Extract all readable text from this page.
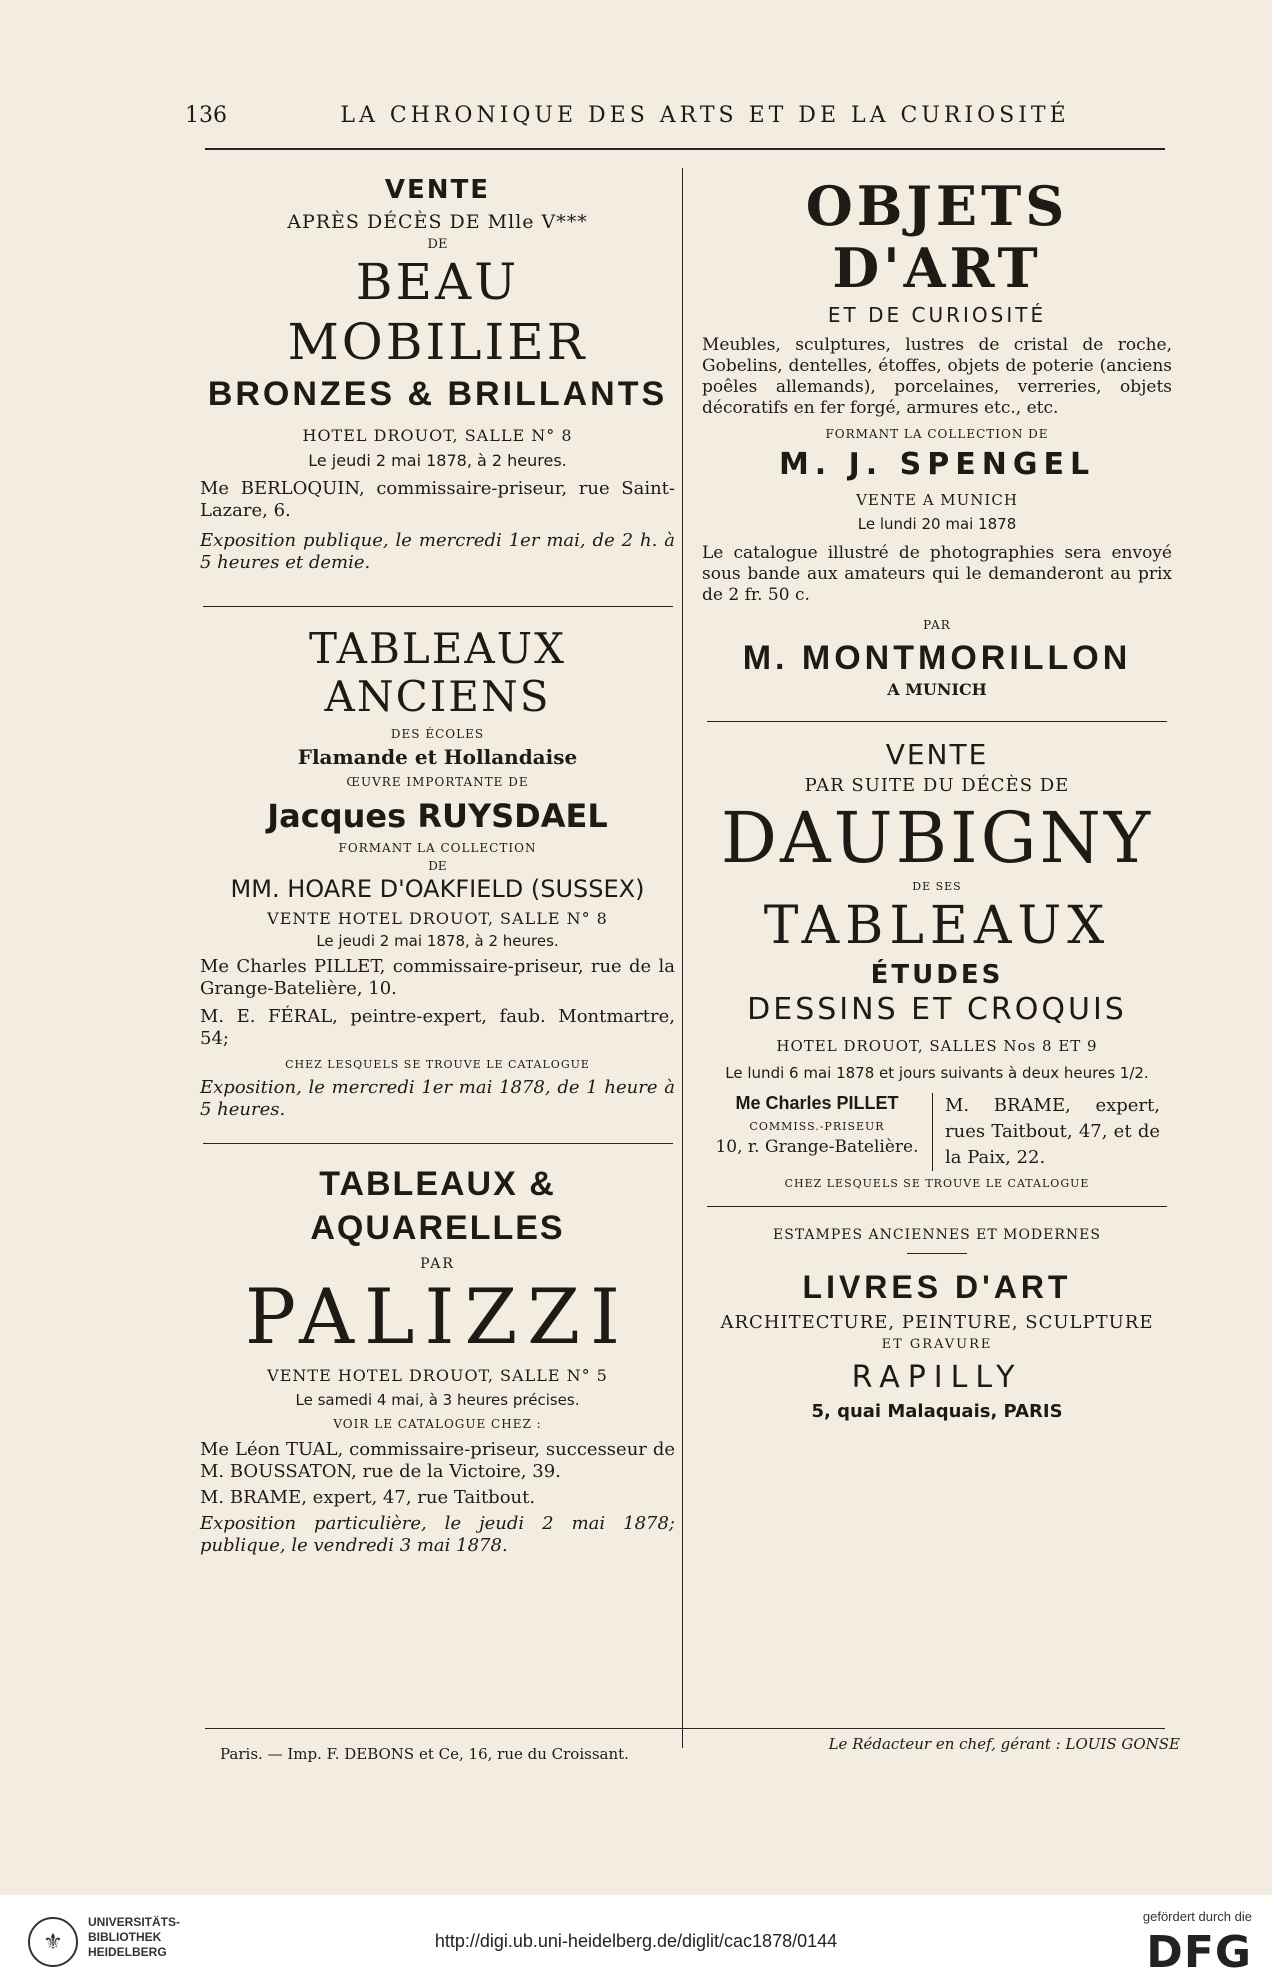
136	LA CHRONIQUE DES ARTS ET DE LA CURIOSITÉ

VENTE

APRÈS DÉCÈS DE Mlle V***

DE

BEAU MOBILIER

BRONZES & BRILLANTS

HOTEL DROUOT, SALLE N° 8

Le jeudi 2 mai 1878, à 2 heures.

Me BERLOQUIN, commissaire-priseur, rue Saint-Lazare, 6.

Exposition publique, le mercredi 1er mai, de 2 h. à 5 heures et demie.

TABLEAUX ANCIENS

DES ÉCOLES

Flamande et Hollandaise

ŒUVRE IMPORTANTE DE

Jacques RUYSDAEL

FORMANT LA COLLECTION

DE

MM. HOARE D'OAKFIELD (SUSSEX)

VENTE HOTEL DROUOT, SALLE N° 8

Le jeudi 2 mai 1878, à 2 heures.

Me Charles PILLET, commissaire-priseur, rue de la Grange-Batelière, 10.

M. E. FÉRAL, peintre-expert, faub. Montmartre, 54;

CHEZ LESQUELS SE TROUVE LE CATALOGUE

Exposition, le mercredi 1er mai 1878, de 1 heure à 5 heures.

TABLEAUX & AQUARELLES

PAR

PALIZZI

VENTE HOTEL DROUOT, SALLE N° 5

Le samedi 4 mai, à 3 heures précises.

VOIR LE CATALOGUE CHEZ :

Me Léon TUAL, commissaire-priseur, successeur de M. BOUSSATON, rue de la Victoire, 39.

M. BRAME, expert, 47, rue Taitbout.

Exposition particulière, le jeudi 2 mai 1878; publique, le vendredi 3 mai 1878.

OBJETS D'ART

ET DE CURIOSITÉ

Meubles, sculptures, lustres de cristal de roche, Gobelins, dentelles, étoffes, objets de poterie (anciens poêles allemands), porcelaines, verreries, objets décoratifs en fer forgé, armures etc., etc.

FORMANT LA COLLECTION DE

M. J. SPENGEL

VENTE A MUNICH

Le lundi 20 mai 1878

Le catalogue illustré de photographies sera envoyé sous bande aux amateurs qui le demanderont au prix de 2 fr. 50 c.

PAR

M. MONTMORILLON

A MUNICH

VENTE

PAR SUITE DU DÉCÈS DE

DAUBIGNY

DE SES

TABLEAUX

ÉTUDES

DESSINS ET CROQUIS

HOTEL DROUOT, SALLES Nos 8 ET 9

Le lundi 6 mai 1878 et jours suivants à deux heures 1/2.

Me Charles PILLET

COMMISS.-PRISEUR

10, r. Grange-Batelière.

M. BRAME, expert, rues Taitbout, 47, et de la Paix, 22.

CHEZ LESQUELS SE TROUVE LE CATALOGUE

ESTAMPES ANCIENNES ET MODERNES

LIVRES D'ART

ARCHITECTURE, PEINTURE, SCULPTURE

ET GRAVURE

RAPILLY

5, quai Malaquais, PARIS

Paris. — Imp. F. DEBONS et Ce, 16, rue du Croissant.
Le Rédacteur en chef, gérant : LOUIS GONSE
⚜
UNIVERSITÄTS-
BIBLIOTHEK
HEIDELBERG
http://digi.ub.uni-heidelberg.de/diglit/cac1878/0144
gefördert durch die
DFG
